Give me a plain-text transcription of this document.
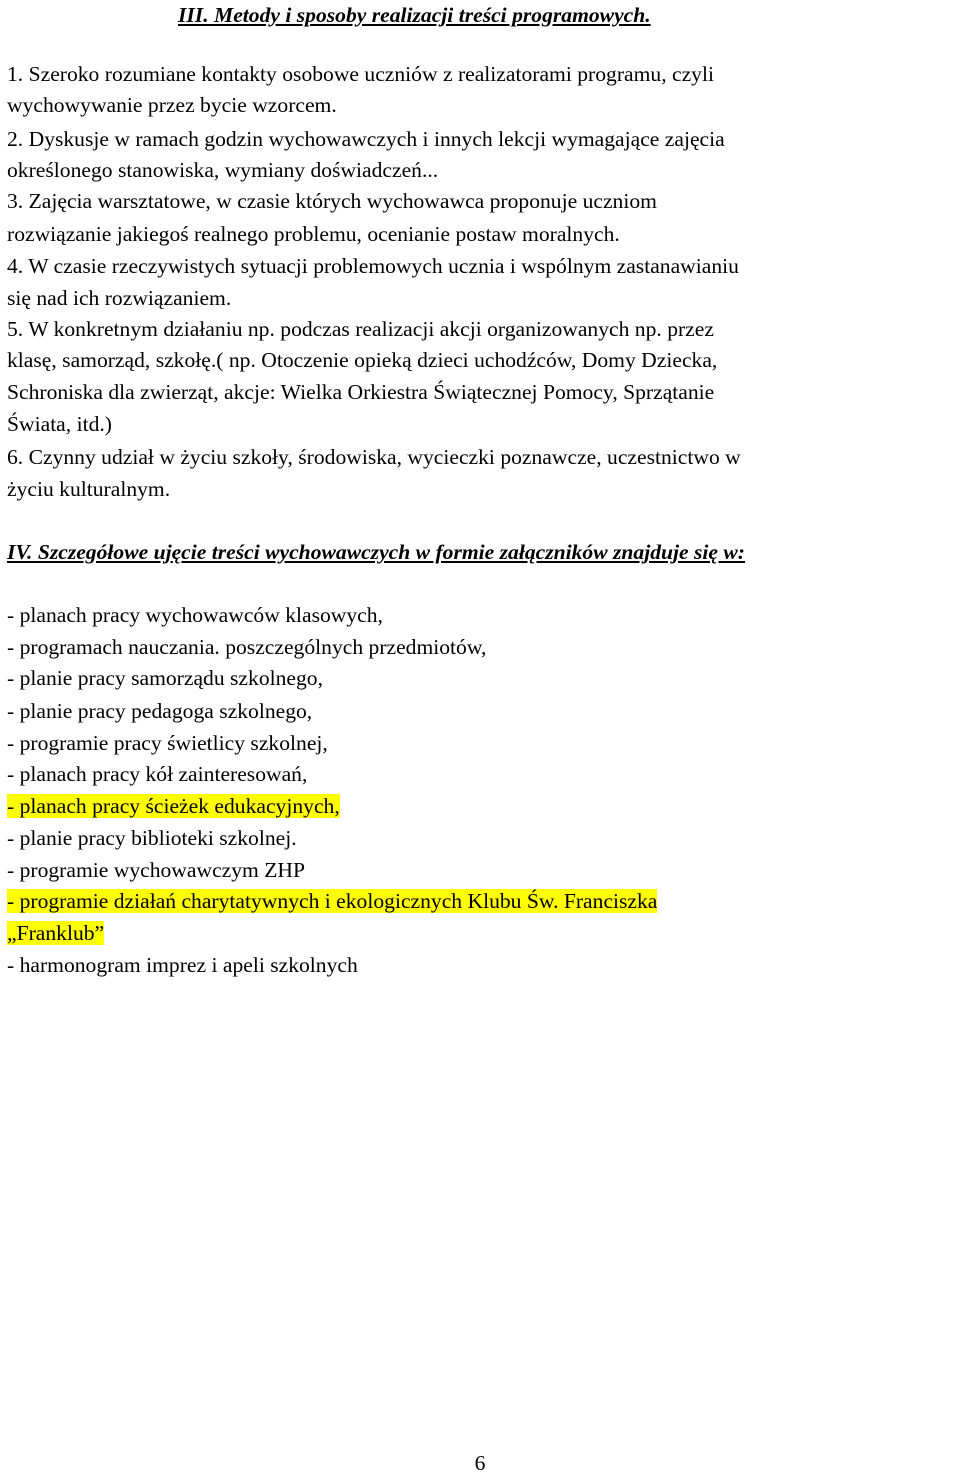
III. Metody i sposoby realizacji treści programowych.
1. Szeroko rozumiane kontakty osobowe uczniów z realizatorami programu, czyli
wychowywanie przez bycie wzorcem.
2. Dyskusje w ramach godzin wychowawczych i innych lekcji wymagające zajęcia
określonego stanowiska, wymiany doświadczeń...
3. Zajęcia warsztatowe, w czasie których wychowawca proponuje uczniom
rozwiązanie jakiegoś realnego problemu, ocenianie postaw moralnych.
4. W czasie rzeczywistych sytuacji problemowych ucznia i wspólnym zastanawianiu
się nad ich rozwiązaniem.
5. W konkretnym działaniu np. podczas realizacji akcji organizowanych np. przez
klasę, samorząd, szkołę.( np. Otoczenie opieką dzieci uchodźców, Domy Dziecka,
Schroniska dla zwierząt, akcje: Wielka Orkiestra Świątecznej Pomocy, Sprzątanie
Świata, itd.)
6. Czynny udział w życiu szkoły, środowiska, wycieczki poznawcze, uczestnictwo w
życiu kulturalnym.
IV. Szczegółowe ujęcie treści wychowawczych w formie załączników znajduje się w:
- planach pracy wychowawców klasowych,
- programach nauczania. poszczególnych przedmiotów,
- planie pracy samorządu szkolnego,
- planie pracy pedagoga szkolnego,
- programie pracy świetlicy szkolnej,
- planach pracy kół zainteresowań,
- planach pracy ścieżek edukacyjnych,
- planie pracy biblioteki szkolnej.
- programie wychowawczym ZHP
- programie działań charytatywnych i ekologicznych Klubu Św. Franciszka
„Franklub”
- harmonogram imprez i apeli szkolnych
6
